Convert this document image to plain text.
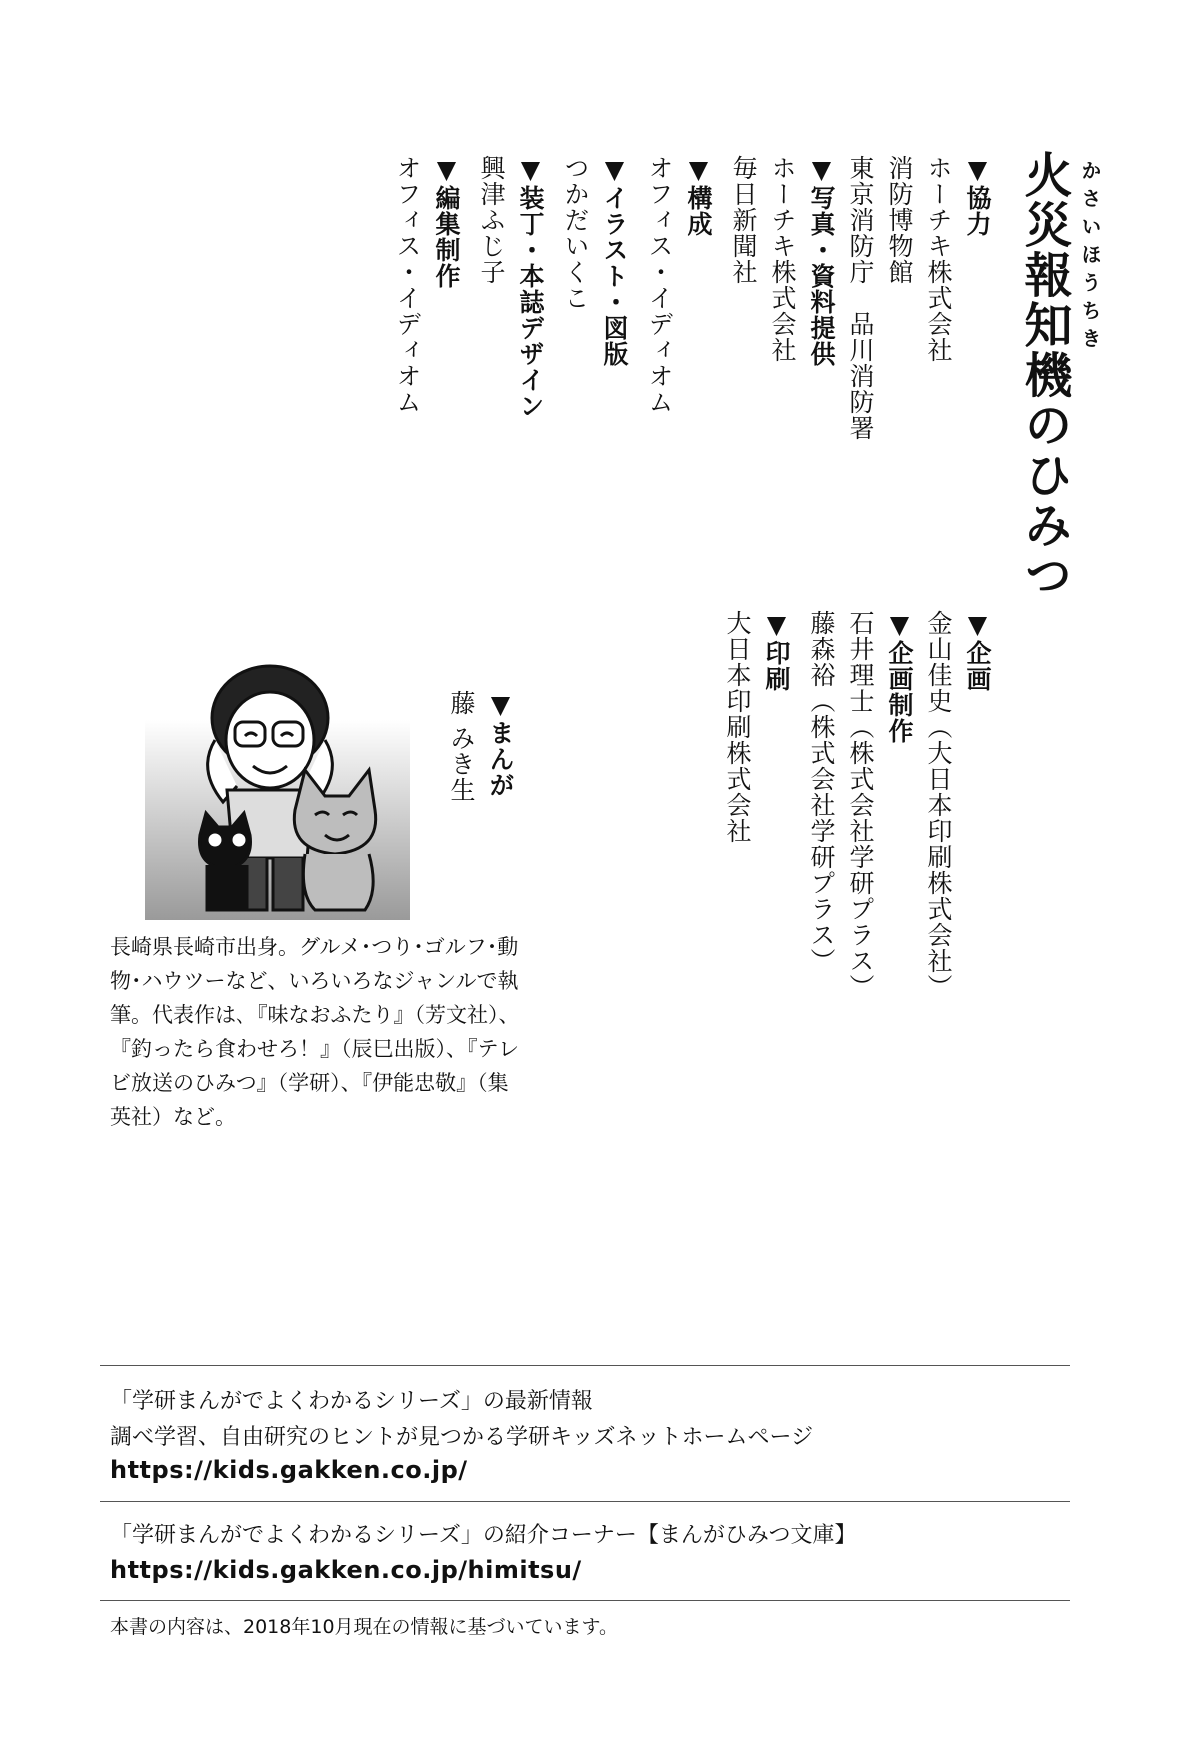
火災報知機のひみつ かさいほうちき
▼協力
ホーチキ株式会社
消防博物館
東京消防庁　品川消防署
▼写真・資料提供
ホーチキ株式会社
毎日新聞社
▼構成
オフィス・イディオム
▼イラスト・図版
つかだいくこ
▼装丁・本誌デザイン
興津ふじ子
▼編集制作
オフィス・イディオム
▼企画
金山佳史（大日本印刷株式会社）
▼企画制作
石井理士（株式会社学研プラス）
藤森裕（株式会社学研プラス）
▼印刷
大日本印刷株式会社
▼まんが
藤 みき生
長崎県長崎市出身。グルメ･つり･ゴルフ･動物･ハウツーなど、いろいろなジャンルで執筆。代表作は､『味なおふたり』（芳文社）、『釣ったら食わせろ！』（辰巳出版）、『テレビ放送のひみつ』（学研）、『伊能忠敬』（集英社）など。
「学研まんがでよくわかるシリーズ」の最新情報
調べ学習、自由研究のヒントが見つかる学研キッズネットホームページ
https://kids.gakken.co.jp/
「学研まんがでよくわかるシリーズ」の紹介コーナー【まんがひみつ文庫】
https://kids.gakken.co.jp/himitsu/
本書の内容は、2018年10月現在の情報に基づいています。
